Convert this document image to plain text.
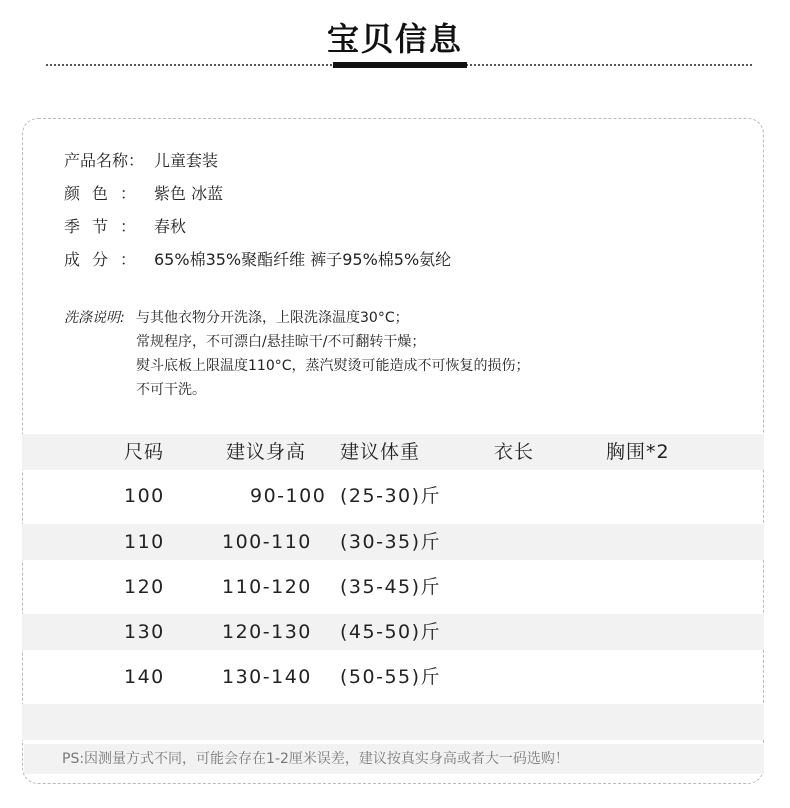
宝贝信息
产品名称： 儿童套装
颜色： 紫色 冰蓝
季节： 春秋
成分： 65%棉35%聚酯纤维 裤子95%棉5%氨纶
洗涤说明: 与其他衣物分开洗涤，上限洗涤温度30°C；
常规程序，不可漂白/悬挂晾干/不可翻转干燥；
熨斗底板上限温度110°C，蒸汽熨烫可能造成不可恢复的损伤；
不可干洗。
尺码	建议身高 建议体重	衣长	胸围*2
100	90-100 (25-30)斤
110	100-110 (30-35)斤
120	110-120 (35-45)斤
130	120-130 (45-50)斤
140	130-140 (50-55)斤
PS:因测量方式不同，可能会存在1-2厘米误差，建议按真实身高或者大一码选购！
